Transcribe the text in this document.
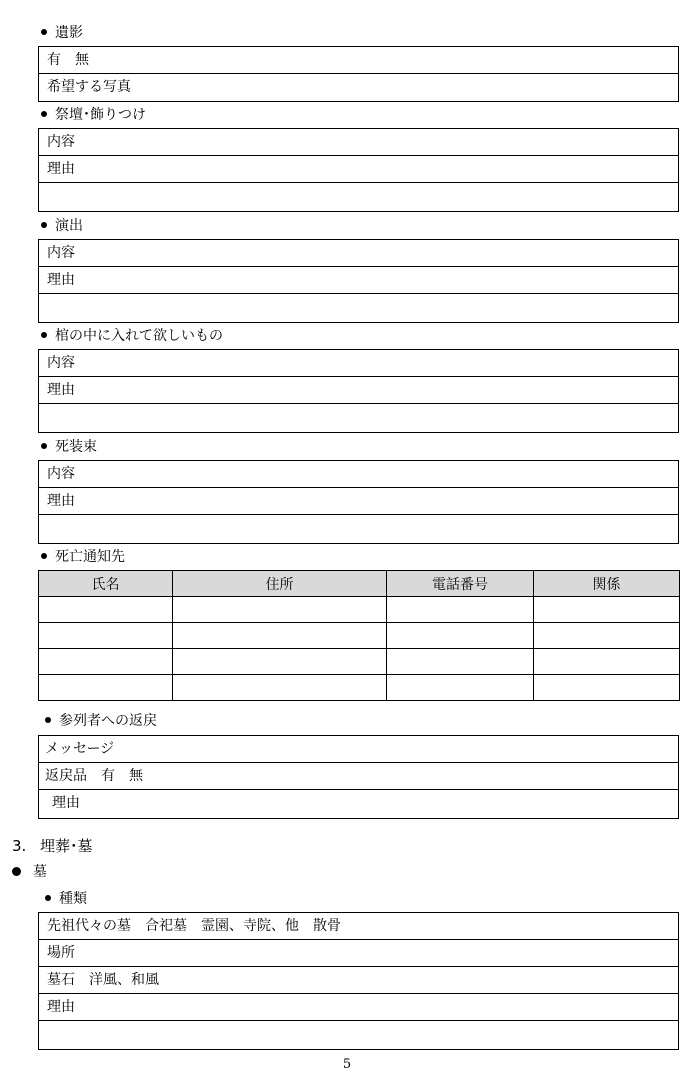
遺影
有　無
希望する写真
祭壇･飾りつけ
内容
理由
演出
内容
理由
棺の中に入れて欲しいもの
内容
理由
死装束
内容
理由
死亡通知先
氏名	住所	電話番号	関係

参列者への返戻
メッセージ
返戻品　有　無
理由
3. 埋葬･墓
墓
種類
先祖代々の墓　合祀墓　霊園、寺院、他　散骨
場所
墓石　洋風、和風
理由
5
